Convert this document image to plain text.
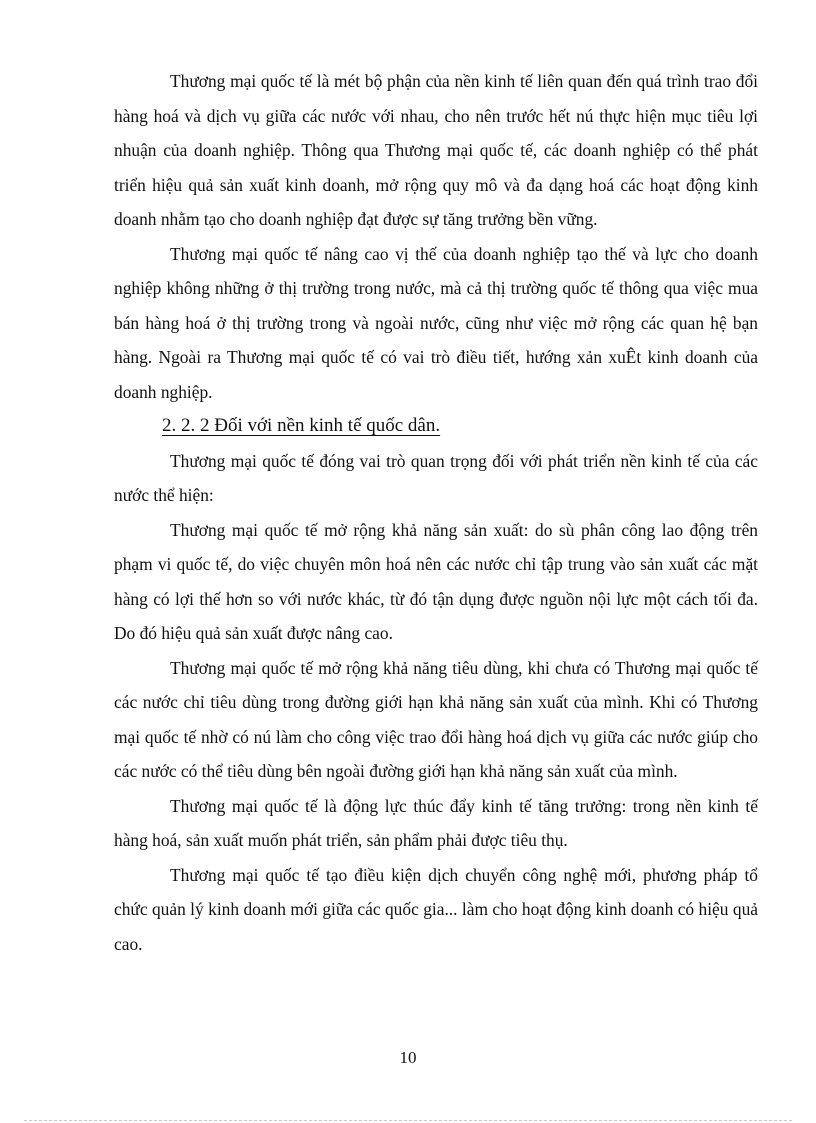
Thương mại quốc tế là mét bộ phận của nền kinh tế liên quan đến quá trình trao đổi hàng hoá và dịch vụ giữa các nước với nhau, cho nên trước hết nú thực hiện mục tiêu lợi nhuận của doanh nghiệp. Thông qua Thương mại quốc tế, các doanh nghiệp có thể phát triển hiệu quả sản xuất kinh doanh, mở rộng quy mô và đa dạng hoá các hoạt động kinh doanh nhằm tạo cho doanh nghiệp đạt được sự tăng trưởng bền vững.

Thương mại quốc tế nâng cao vị thế của doanh nghiệp tạo thế và lực cho doanh nghiệp không những ở thị trường trong nước, mà cả thị trường quốc tế thông qua việc mua bán hàng hoá ở thị trường trong và ngoài nước, cũng như việc mở rộng các quan hệ bạn hàng. Ngoài ra Thương mại quốc tế có vai trò điều tiết, hướng xản xuÊt kinh doanh của doanh nghiệp.

2. 2. 2 Đối với nền kinh tế quốc dân.

Thương mại quốc tế đóng vai trò quan trọng đối với phát triển nền kinh tế của các nước thể hiện:

Thương mại quốc tế mở rộng khả năng sản xuất: do sù phân công lao động trên phạm vi quốc tế, do việc chuyên môn hoá nên các nước chỉ tập trung vào sản xuất các mặt hàng có lợi thế hơn so với nước khác, từ đó tận dụng được nguồn nội lực một cách tối đa. Do đó hiệu quả sản xuất được nâng cao.

Thương mại quốc tế mở rộng khả năng tiêu dùng, khi chưa có Thương mại quốc tế các nước chỉ tiêu dùng trong đường giới hạn khả năng sản xuất của mình. Khi có Thương mại quốc tế nhờ có nú làm cho công việc trao đổi hàng hoá dịch vụ giữa các nước giúp cho các nước có thể tiêu dùng bên ngoài đường giới hạn khả năng sản xuất của mình.

Thương mại quốc tế là động lực thúc đẩy kinh tế tăng trưởng: trong nền kinh tế hàng hoá, sản xuất muốn phát triển, sản phẩm phải được tiêu thụ.

Thương mại quốc tế tạo điều kiện dịch chuyển công nghệ mới, phương pháp tổ chức quản lý kinh doanh mới giữa các quốc gia... làm cho hoạt động kinh doanh có hiệu quả cao.

10
